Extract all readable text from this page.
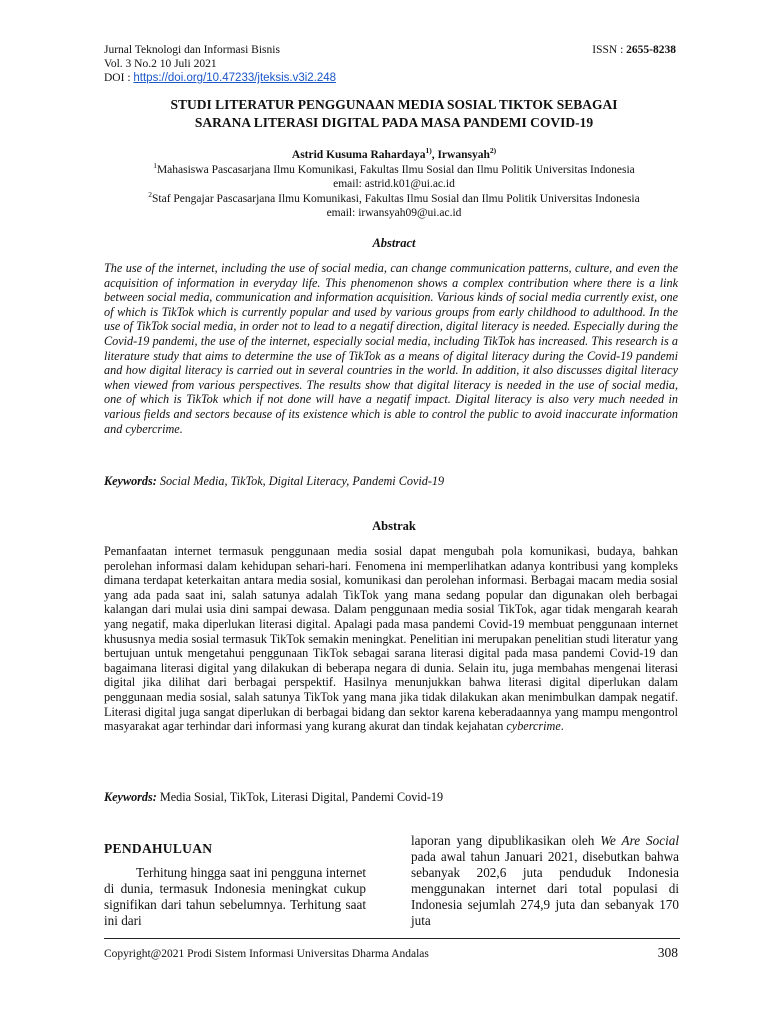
Jurnal Teknologi dan Informasi Bisnis	ISSN : 2655-8238
Vol. 3 No.2 10 Juli 2021
DOI : https://doi.org/10.47233/jteksis.v3i2.248
STUDI LITERATUR PENGGUNAAN MEDIA SOSIAL TIKTOK SEBAGAI
SARANA LITERASI DIGITAL PADA MASA PANDEMI COVID-19
Astrid Kusuma Rahardaya$^{1)}$, Irwansyah$^{2)}$
$^1$Mahasiswa Pascasarjana Ilmu Komunikasi, Fakultas Ilmu Sosial dan Ilmu Politik Universitas Indonesia
email: astrid.k01@ui.ac.id
$^2$Staf Pengajar Pascasarjana Ilmu Komunikasi, Fakultas Ilmu Sosial dan Ilmu Politik Universitas Indonesia
email: irwansyah09@ui.ac.id
Abstract
The use of the internet, including the use of social media, can change communication patterns, culture, and even the acquisition of information in everyday life. This phenomenon shows a complex contribution where there is a link between social media, communication and information acquisition. Various kinds of social media currently exist, one of which is TikTok which is currently popular and used by various groups from early childhood to adulthood. In the use of TikTok social media, in order not to lead to a negatif direction, digital literacy is needed. Especially during the Covid-19 pandemi, the use of the internet, especially social media, including TikTok has increased. This research is a literature study that aims to determine the use of TikTok as a means of digital literacy during the Covid-19 pandemi and how digital literacy is carried out in several countries in the world. In addition, it also discusses digital literacy when viewed from various perspectives. The results show that digital literacy is needed in the use of social media, one of which is TikTok which if not done will have a negatif impact. Digital literacy is also very much needed in various fields and sectors because of its existence which is able to control the public to avoid inaccurate information and cybercrime.
Keywords: Social Media, TikTok, Digital Literacy, Pandemi Covid-19
Abstrak
Pemanfaatan internet termasuk penggunaan media sosial dapat mengubah pola komunikasi, budaya, bahkan perolehan informasi dalam kehidupan sehari-hari. Fenomena ini memperlihatkan adanya kontribusi yang kompleks dimana terdapat keterkaitan antara media sosial, komunikasi dan perolehan informasi. Berbagai macam media sosial yang ada pada saat ini, salah satunya adalah TikTok yang mana sedang popular dan digunakan oleh berbagai kalangan dari mulai usia dini sampai dewasa. Dalam penggunaan media sosial TikTok, agar tidak mengarah kearah yang negatif, maka diperlukan literasi digital. Apalagi pada masa pandemi Covid-19 membuat penggunaan internet khususnya media sosial termasuk TikTok semakin meningkat. Penelitian ini merupakan penelitian studi literatur yang bertujuan untuk mengetahui penggunaan TikTok sebagai sarana literasi digital pada masa pandemi Covid-19 dan bagaimana literasi digital yang dilakukan di beberapa negara di dunia. Selain itu, juga membahas mengenai literasi digital jika dilihat dari berbagai perspektif. Hasilnya menunjukkan bahwa literasi digital diperlukan dalam penggunaan media sosial, salah satunya TikTok yang mana jika tidak dilakukan akan menimbulkan dampak negatif. Literasi digital juga sangat diperlukan di berbagai bidang dan sektor karena keberadaannya yang mampu mengontrol masyarakat agar terhindar dari informasi yang kurang akurat dan tindak kejahatan cybercrime.
Keywords: Media Sosial, TikTok, Literasi Digital, Pandemi Covid-19
PENDAHULUAN

Terhitung hingga saat ini pengguna internet di dunia, termasuk Indonesia meningkat cukup signifikan dari tahun sebelumnya. Terhitung saat ini dari

laporan yang dipublikasikan oleh We Are Social pada awal tahun Januari 2021, disebutkan bahwa sebanyak 202,6 juta penduduk Indonesia menggunakan internet dari total populasi di Indonesia sejumlah 274,9 juta dan sebanyak 170 juta

Copyright@2021 Prodi Sistem Informasi Universitas Dharma Andalas	308
